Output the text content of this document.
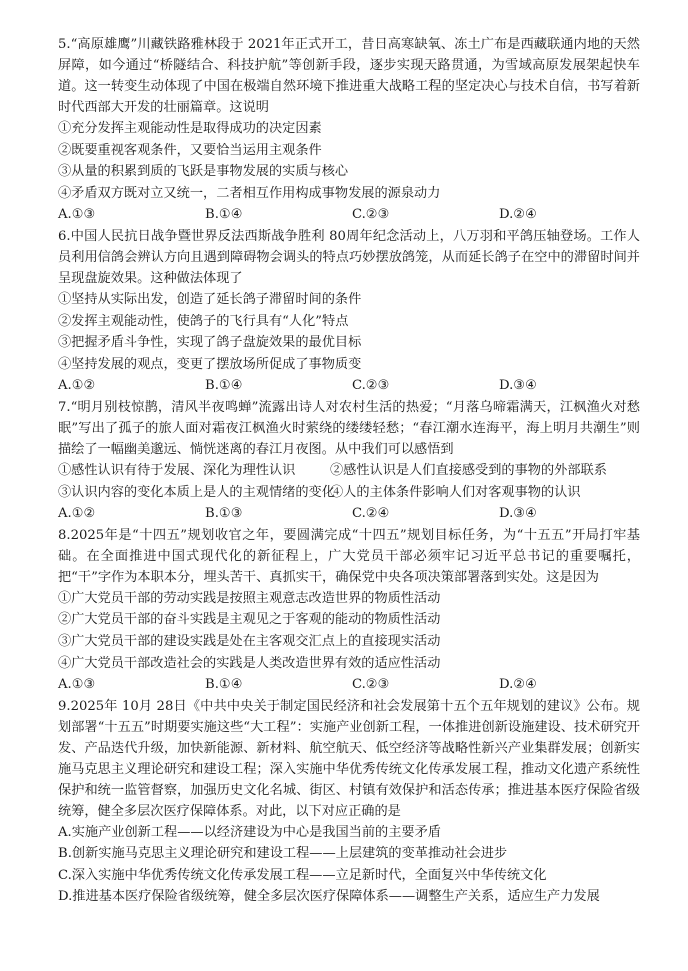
5.“高原雄鹰”川藏铁路雅林段于 2021年正式开工，昔日高寒缺氧、冻土广布是西藏联通内地的天然屏障，如今通过“桥隧结合、科技护航”等创新手段，逐步实现天路贯通，为雪域高原发展架起快车道。这一转变生动体现了中国在极端自然环境下推进重大战略工程的坚定决心与技术自信，书写着新时代西部大开发的壮丽篇章。这说明

①充分发挥主观能动性是取得成功的决定因素

②既要重视客观条件，又要恰当运用主观条件

③从量的积累到质的飞跃是事物发展的实质与核心

④矛盾双方既对立又统一，二者相互作用构成事物发展的源泉动力

A.①③	B.①④	C.②③	D.②④

6.中国人民抗日战争暨世界反法西斯战争胜利 80周年纪念活动上，八万羽和平鸽压轴登场。工作人员利用信鸽会辨认方向且遇到障碍物会调头的特点巧妙摆放鸽笼，从而延长鸽子在空中的滞留时间并呈现盘旋效果。这种做法体现了

①坚持从实际出发，创造了延长鸽子滞留时间的条件

②发挥主观能动性，使鸽子的飞行具有“人化”特点

③把握矛盾斗争性，实现了鸽子盘旋效果的最优目标

④坚持发展的观点，变更了摆放场所促成了事物质变

A.①②	B.①④	C.②③	D.③④

7.“明月别枝惊鹊，清风半夜鸣蝉”流露出诗人对农村生活的热爱；“月落乌啼霜满天，江枫渔火对愁眠”写出了孤子的旅人面对霜夜江枫渔火时萦绕的缕缕轻愁；“春江潮水连海平，海上明月共潮生”则描绘了一幅幽美邈远、惝恍迷离的春江月夜图。从中我们可以感悟到

①感性认识有待于发展、深化为理性认识	②感性认识是人们直接感受到的事物的外部联系
③认识内容的变化本质上是人的主观情绪的变化
④人的主体条件影响人们对客观事物的认识
A.①②	B.①③	C.②④	D.③④

8.2025年是“十四五”规划收官之年，要圆满完成“十四五”规划目标任务，为“十五五”开局打牢基础。在全面推进中国式现代化的新征程上，广大党员干部必须牢记习近平总书记的重要嘱托，把“干”字作为本职本分，埋头苦干、真抓实干，确保党中央各项决策部署落到实处。这是因为

①广大党员干部的劳动实践是按照主观意志改造世界的物质性活动

②广大党员干部的奋斗实践是主观见之于客观的能动的物质性活动

③广大党员干部的建设实践是处在主客观交汇点上的直接现实活动

④广大党员干部改造社会的实践是人类改造世界有效的适应性活动

A.①③	B.①④	C.②③	D.②④

9.2025年 10月 28日《中共中央关于制定国民经济和社会发展第十五个五年规划的建议》公布。规划部署“十五五”时期要实施这些“大工程”：实施产业创新工程，一体推进创新设施建设、技术研究开发、产品迭代升级，加快新能源、新材料、航空航天、低空经济等战略性新兴产业集群发展；创新实施马克思主义理论研究和建设工程；深入实施中华优秀传统文化传承发展工程，推动文化遗产系统性保护和统一监管督察，加强历史文化名城、街区、村镇有效保护和活态传承；推进基本医疗保险省级统筹，健全多层次医疗保障体系。对此，以下对应正确的是

A.实施产业创新工程——以经济建设为中心是我国当前的主要矛盾

B.创新实施马克思主义理论研究和建设工程——上层建筑的变革推动社会进步

C.深入实施中华优秀传统文化传承发展工程——立足新时代，全面复兴中华传统文化

D.推进基本医疗保险省级统筹，健全多层次医疗保障体系——调整生产关系，适应生产力发展
